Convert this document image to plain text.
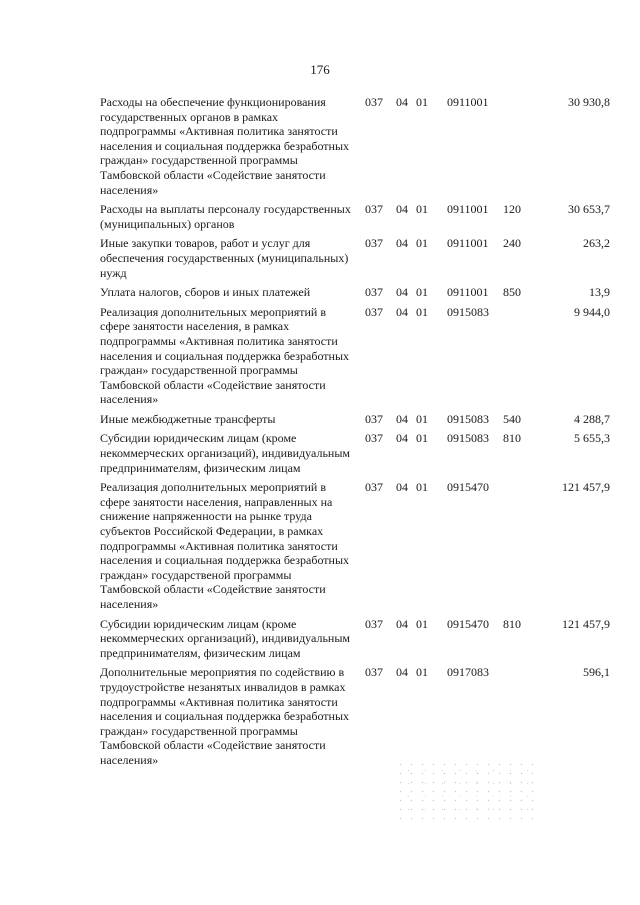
176
Расходы на обеспечение функционирования государственных органов в рамках подпрограммы «Активная политика занятости населения и социальная поддержка безработных граждан» государственной программы Тамбовской области «Содействие занятости населения»
037 04 01 0911001	30 930,8
Расходы на выплаты персоналу государственных (муниципальных) органов
037 04 01 0911001 120	30 653,7
Иные закупки товаров, работ и услуг для обеспечения государственных (муниципальных) нужд
037 04 01 0911001 240	263,2
Уплата налогов, сборов и иных платежей	037 04 01 0911001 850	13,9
Реализация дополнительных мероприятий в сфере занятости населения, в рамках подпрограммы «Активная политика занятости населения и социальная поддержка безработных граждан» государственной программы Тамбовской области «Содействие занятости населения»
037 04 01 0915083	9 944,0
Иные межбюджетные трансферты	037 04 01 0915083 540	4 288,7
Субсидии юридическим лицам (кроме некоммерческих организаций), индивидуальным предпринимателям, физическим лицам
037 04 01 0915083 810	5 655,3
Реализация дополнительных мероприятий в сфере занятости населения, направленных на снижение напряженности на рынке труда субъектов Российской Федерации, в рамках подпрограммы «Активная политика занятости населения и социальная поддержка безработных граждан» государственой программы Тамбовской области «Содействие занятости населения»
037 04 01 0915470	121 457,9
Субсидии юридическим лицам (кроме некоммерческих организаций), индивидуальным предпринимателям, физическим лицам
037 04 01 0915470 810	121 457,9
Дополнительные мероприятия по содействию в трудоустройстве незанятых инвалидов в рамках подпрограммы «Активная политика занятости населения и социальная поддержка безработных граждан» государственной программы Тамбовской области «Содействие занятости населения»
037 04 01 0917083	596,1
